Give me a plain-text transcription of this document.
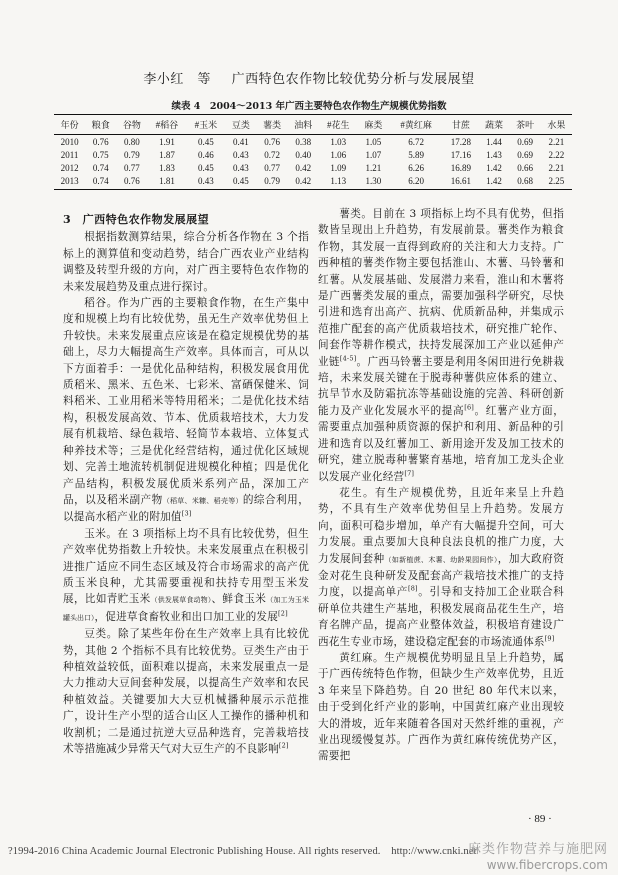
李小红　等 广西特色农作物比较优势分析与发展展望
续表 4　2004～2013 年广西主要特色农作物生产规模优势指数
年份	粮食	谷物	#稻谷	#玉米	豆类	薯类	油料	#花生	麻类	#黄红麻	甘蔗	蔬菜	茶叶	水果
2010	0.76	0.80	1.91	0.45	0.41	0.76	0.38	1.03	1.05	6.72	17.28	1.44	0.69	2.21
2011	0.75	0.79	1.87	0.46	0.43	0.72	0.40	1.06	1.07	5.89	17.16	1.43	0.69	2.22
2012	0.74	0.77	1.83	0.45	0.43	0.77	0.42	1.09	1.21	6.26	16.89	1.42	0.66	2.21
2013	0.74	0.76	1.81	0.43	0.45	0.79	0.42	1.13	1.30	6.20	16.61	1.42	0.68	2.25
3　广西特色农作物发展展望

根据指数测算结果，综合分析各作物在 3 个指标上的测算值和变动趋势，结合广西农业产业结构调整及转型升级的方向，对广西主要特色农作物的未来发展趋势及重点进行探讨。

稻谷。作为广西的主要粮食作物，在生产集中度和规模上均有比较优势，虽无生产效率优势但上升较快。未来发展重点应该是在稳定规模优势的基础上，尽力大幅提高生产效率。具体而言，可从以下方面着手：一是优化品种结构，积极发展食用优质稻米、黑米、五色米、七彩米、富硒保健米、饲料稻米、工业用稻米等特用稻米；二是优化技术结构，积极发展高效、节本、优质栽培技术，大力发展有机栽培、绿色栽培、轻简节本栽培、立体复式种养技术等；三是优化经营结构，通过优化区域规划、完善土地流转机制促进规模化种植；四是优化产品结构，积极发展优质米系列产品，深加工产品，以及稻米副产物（稻草、米糠、稻壳等）的综合利用，以提高水稻产业的附加值[3]

玉米。在 3 项指标上均不具有比较优势，但生产效率优势指数上升较快。未来发展重点在积极引进推广适应不同生态区域及符合市场需求的高产优质玉米良种，尤其需要重视和扶持专用型玉米发展，比如青贮玉米（供发展草食动物）、鲜食玉米（加工为玉米罐头出口），促进草食畜牧业和出口加工业的发展[2]

豆类。除了某些年份在生产效率上具有比较优势，其他 2 个指标不具有比较优势。豆类生产由于种植效益较低，面积难以提高，未来发展重点一是大力推动大豆间套种发展，以提高生产效率和农民种植效益。关键要加大大豆机械播种展示示范推广，设计生产小型的适合山区人工操作的播种机和收割机；二是通过抗逆大豆品种选育，完善栽培技术等措施减少异常天气对大豆生产的不良影响[2]

薯类。目前在 3 项指标上均不具有优势，但指数皆呈现出上升趋势，有发展前景。薯类作为粮食作物，其发展一直得到政府的关注和大力支持。广西种植的薯类作物主要包括淮山、木薯、马铃薯和红薯。从发展基础、发展潜力来看，淮山和木薯将是广西薯类发展的重点，需要加强科学研究，尽快引进和选育出高产、抗病、优质新品种，并集成示范推广配套的高产优质栽培技术，研究推广轮作、间套作等耕作模式，扶持发展深加工产业以延伸产业链[4-5]。广西马铃薯主要是利用冬闲田进行免耕栽培，未来发展关键在于脱毒种薯供应体系的建立、抗旱节水及防霜抗冻等基础设施的完善、科研创新能力及产业化发展水平的提高[6]。红薯产业方面，需要重点加强种质资源的保护和利用、新品种的引进和选育以及红薯加工、新用途开发及加工技术的研究，建立脱毒种薯繁育基地，培育加工龙头企业以发展产业化经营[7]

花生。有生产规模优势，且近年来呈上升趋势，不具有生产效率优势但呈上升趋势。发展方向，面积可稳步增加，单产有大幅提升空间，可大力发展。重点要加大良种良法良机的推广力度，大力发展间套种（如新植蔗、木薯、幼龄果园间作），加大政府资金对花生良种研发及配套高产栽培技术推广的支持力度，以提高单产[8]。引导和支持加工企业联合科研单位共建生产基地，积极发展商品花生生产，培育名牌产品，提高产业整体效益，积极培育建设广西花生专业市场，建设稳定配套的市场流通体系[9]

黄红麻。生产规模优势明显且呈上升趋势，属于广西传统特色作物，但缺少生产效率优势，且近 3 年来呈下降趋势。自 20 世纪 80 年代末以来，由于受到化纤产业的影响，中国黄红麻产业出现较大的滑坡，近年来随着各国对天然纤维的重视，产业出现缓慢复苏。广西作为黄红麻传统优势产区，需要把

· 89 ·
?1994-2016 China Academic Journal Electronic Publishing House. All rights reserved. http://www.cnki.net
麻类作物营养与施肥网
www.fibercrops.com
